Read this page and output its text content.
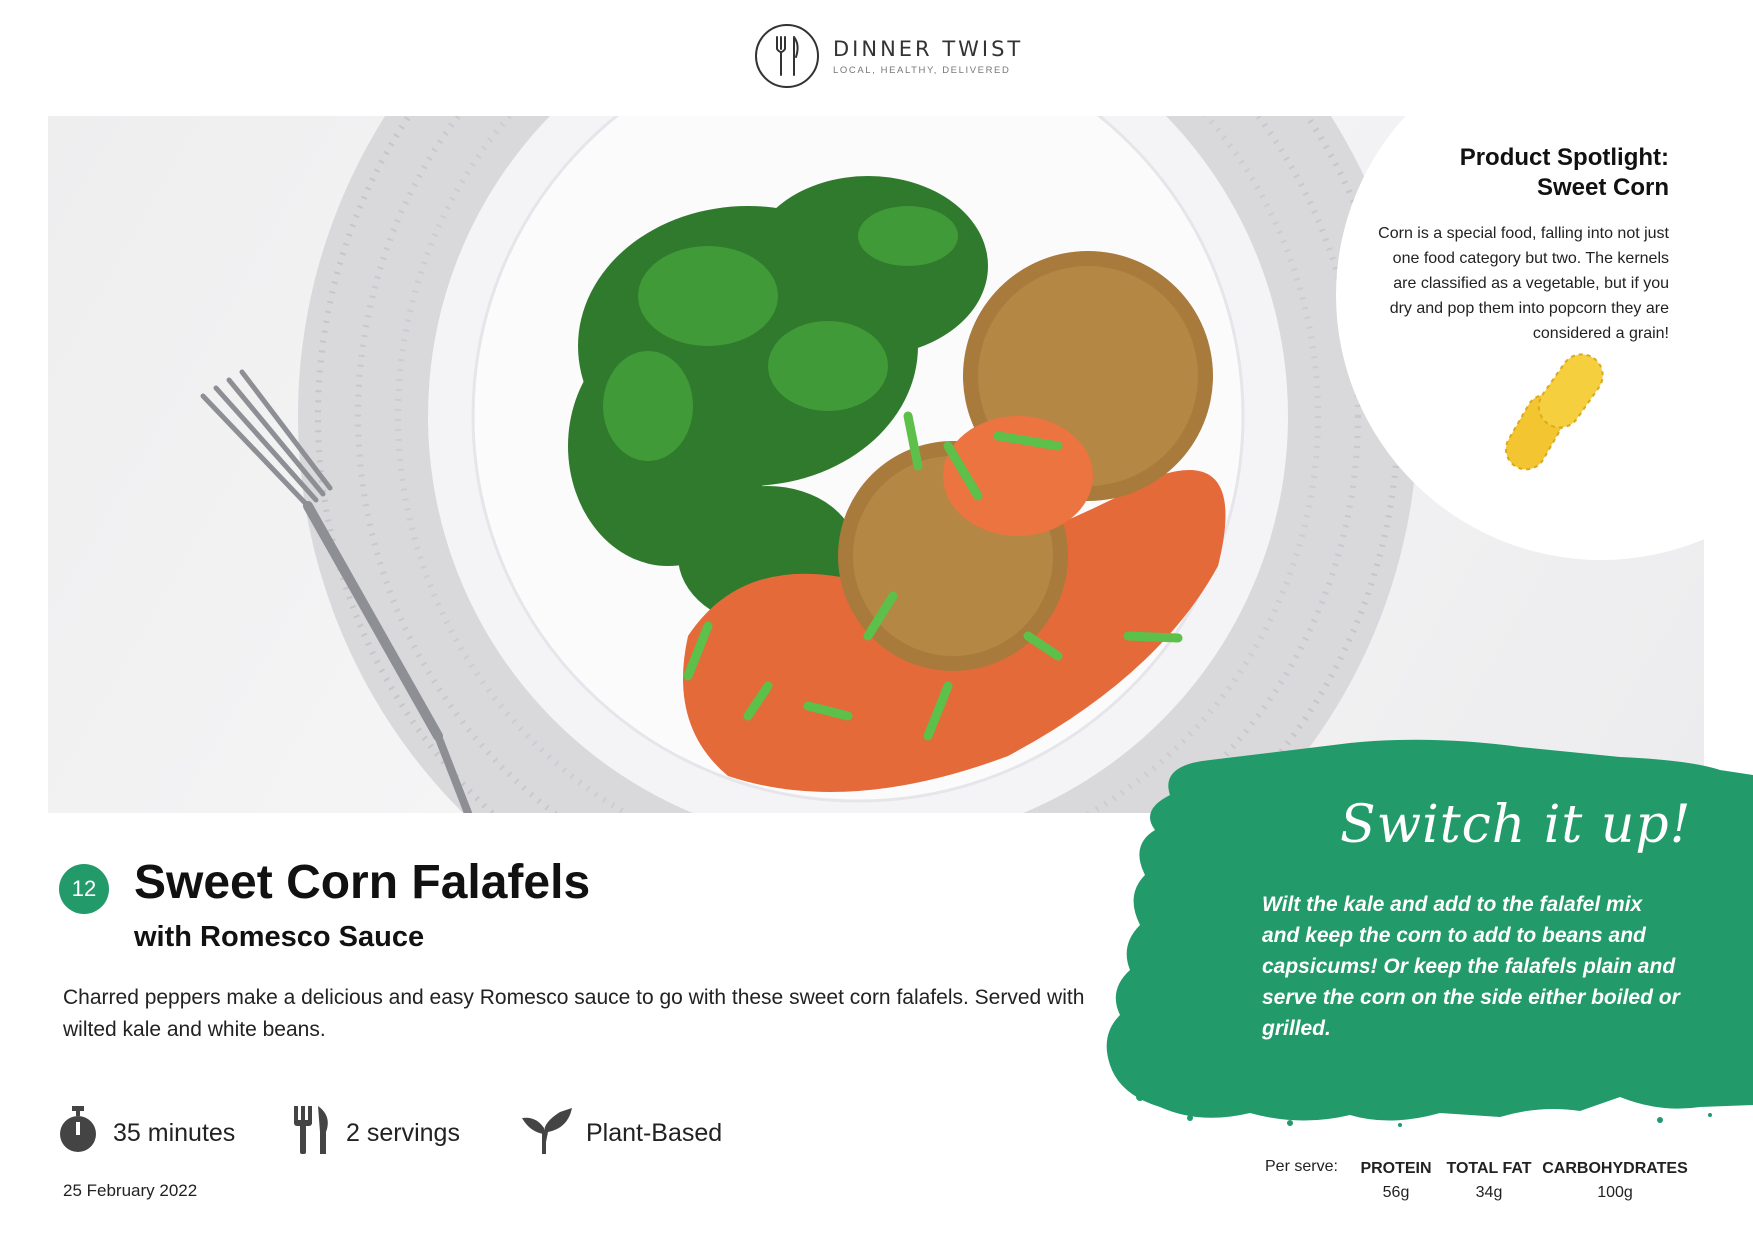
DINNER TWIST
LOCAL, HEALTHY, DELIVERED
Product Spotlight:
Sweet Corn
Corn is a special food, falling into not just one food category but two. The kernels are classified as a vegetable, but if you dry and pop them into popcorn they are considered a grain!
12 Sweet Corn Falafels
with Romesco Sauce
Charred peppers make a delicious and easy Romesco sauce to go with these sweet corn falafels. Served with wilted kale and white beans.
35 minutes	2 servings	Plant-Based
25 February 2022
Switch it up!
Wilt the kale and add to the falafel mix and keep the corn to add to beans and capsicums! Or keep the falafels plain and serve the corn on the side either boiled or grilled.
Per serve: PROTEIN
56g
TOTAL FAT
34g
CARBOHYDRATES
100g
